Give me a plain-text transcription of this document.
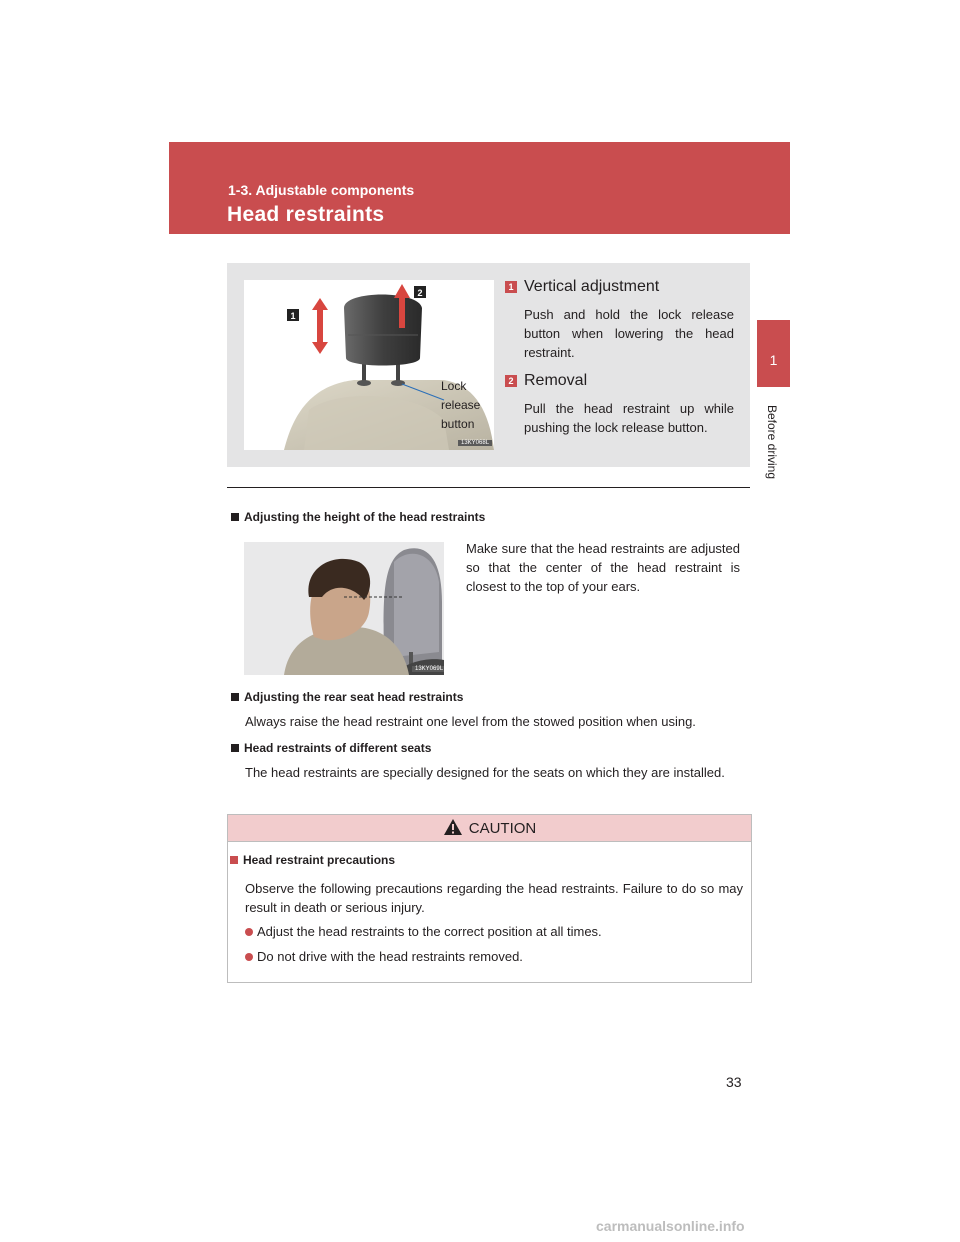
1-3. Adjustable components
Head restraints
1
Before driving
1
2
13KY068L
Lock
release
button
1 Vertical adjustment
Push and hold the lock release button when lowering the head restraint.
2 Removal
Pull the head restraint up while pushing the lock release button.
Adjusting the height of the head restraints
13KY069L
Make sure that the head restraints are adjusted so that the center of the head restraint is closest to the top of your ears.
Adjusting the rear seat head restraints
Always raise the head restraint one level from the stowed position when using.
Head restraints of different seats
The head restraints are specially designed for the seats on which they are installed.
CAUTION
Head restraint precautions
Observe the following precautions regarding the head restraints. Failure to do so may result in death or serious injury.
Adjust the head restraints to the correct position at all times.
Do not drive with the head restraints removed.
33
carmanualsonline.info
